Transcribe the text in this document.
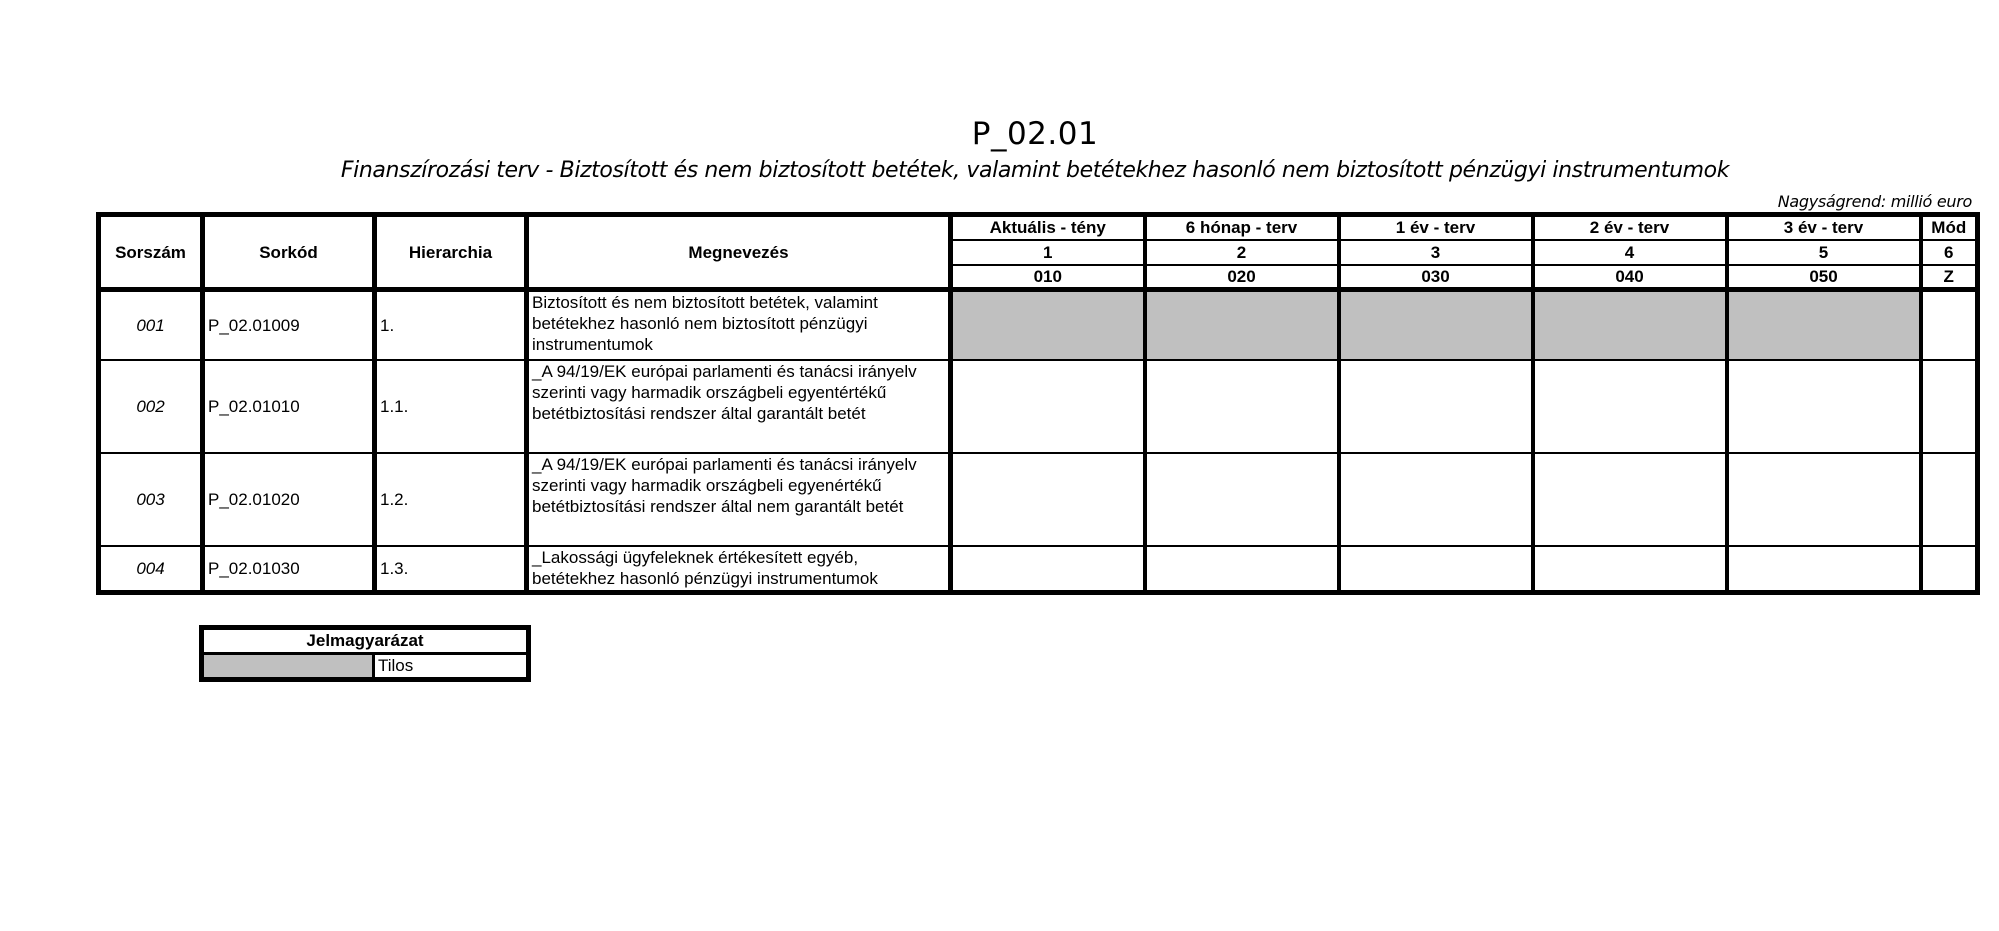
P_02.01
Finanszírozási terv - Biztosított és nem biztosított betétek, valamint betétekhez hasonló nem biztosított pénzügyi instrumentumok
Nagyságrend: millió euro
Sorszám	Sorkód	Hierarchia	Megnevezés	Aktuális - tény	6 hónap - terv	1 év - terv	2 év - terv	3 év - terv	Mód
				1	2	3	4	5	6
				010	020	030	040	050	Z
001	P_02.01009	1.	Biztosított és nem biztosított betétek, valamint betétekhez hasonló nem biztosított pénzügyi instrumentumok						
002	P_02.01010	1.1.	_A 94/19/EK európai parlamenti és tanácsi irányelv szerinti vagy harmadik országbeli egyentértékű betétbiztosítási rendszer által garantált betét						
003	P_02.01020	1.2.	_A 94/19/EK európai parlamenti és tanácsi irányelv szerinti vagy harmadik országbeli egyenértékű betétbiztosítási rendszer által nem garantált betét						
004	P_02.01030	1.3.	_Lakossági ügyfeleknek értékesített egyéb, betétekhez hasonló pénzügyi instrumentumok						
Jelmagyarázat
	Tilos
